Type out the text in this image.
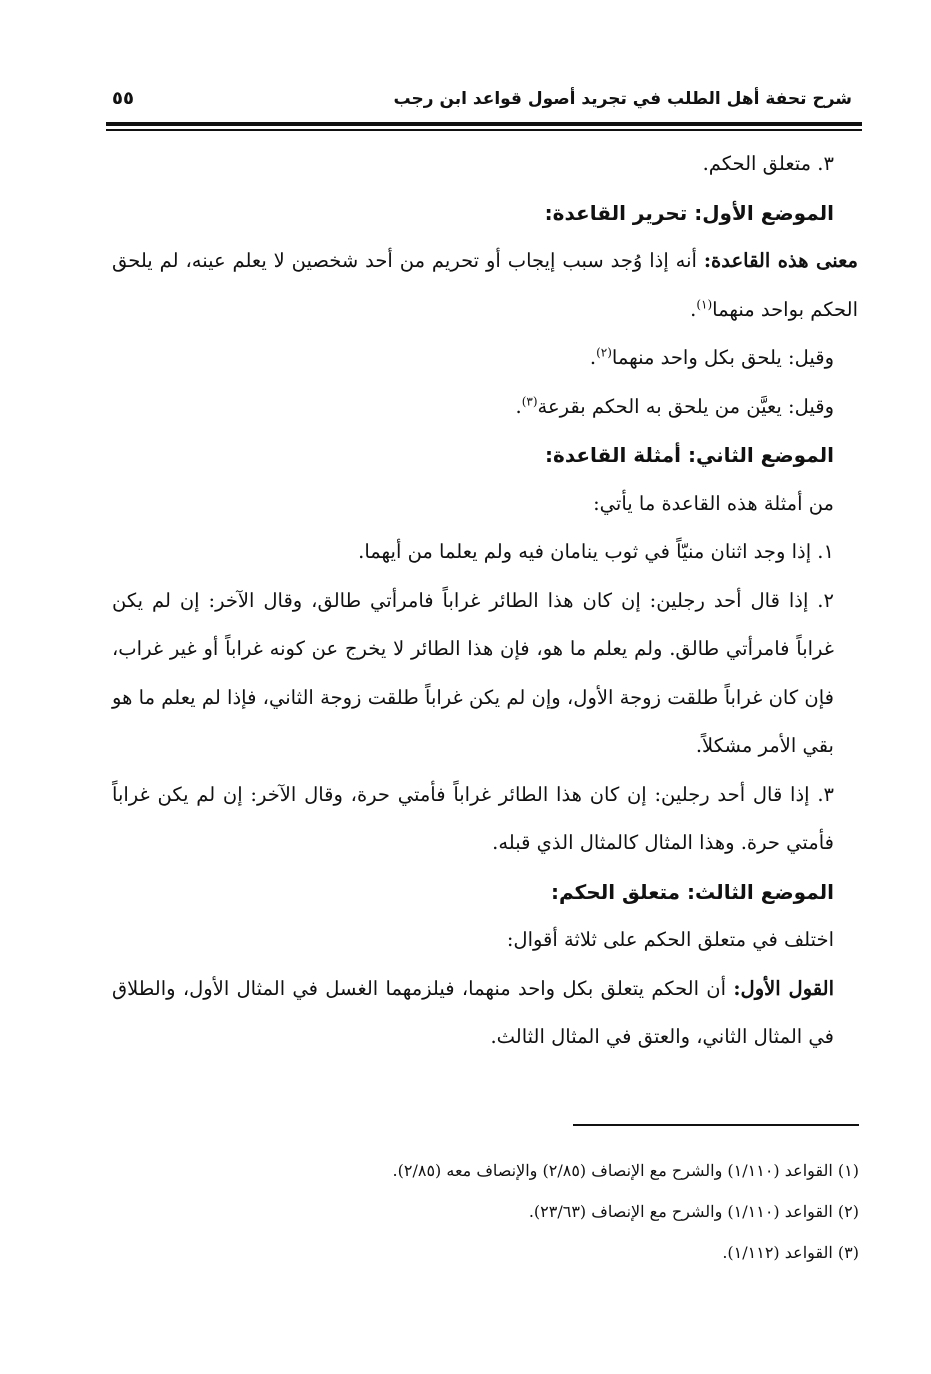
شرح تحفة أهل الطلب في تجريد أصول قواعد ابن رجب
٥٥

٣. متعلق الحكم.

الموضع الأول: تحرير القاعدة:

معنى هذه القاعدة: أنه إذا وُجد سبب إيجاب أو تحريم من أحد شخصين لا يعلم عينه، لم يلحق الحكم بواحد منهما$^{(١)}$.

وقيل: يلحق بكل واحد منهما$^{(٢)}$.

وقيل: يعيَّن من يلحق به الحكم بقرعة$^{(٣)}$.

الموضع الثاني: أمثلة القاعدة:

من أمثلة هذه القاعدة ما يأتي:

١. إذا وجد اثنان منيّاً في ثوب ينامان فيه ولم يعلما من أيهما.

٢. إذا قال أحد رجلين: إن كان هذا الطائر غراباً فامرأتي طالق، وقال الآخر: إن لم يكن غراباً فامرأتي طالق. ولم يعلم ما هو، فإن هذا الطائر لا يخرج عن كونه غراباً أو غير غراب، فإن كان غراباً طلقت زوجة الأول، وإن لم يكن غراباً طلقت زوجة الثاني، فإذا لم يعلم ما هو بقي الأمر مشكلاً.

٣. إذا قال أحد رجلين: إن كان هذا الطائر غراباً فأمتي حرة، وقال الآخر: إن لم يكن غراباً فأمتي حرة. وهذا المثال كالمثال الذي قبله.

الموضع الثالث: متعلق الحكم:

اختلف في متعلق الحكم على ثلاثة أقوال:

القول الأول: أن الحكم يتعلق بكل واحد منهما، فيلزمهما الغسل في المثال الأول، والطلاق في المثال الثاني، والعتق في المثال الثالث.

(١) القواعد (١/١١٠) والشرح مع الإنصاف (٢/٨٥) والإنصاف معه (٢/٨٥).

(٢) القواعد (١/١١٠) والشرح مع الإنصاف (٢٣/٦٣).

(٣) القواعد (١/١١٢).
